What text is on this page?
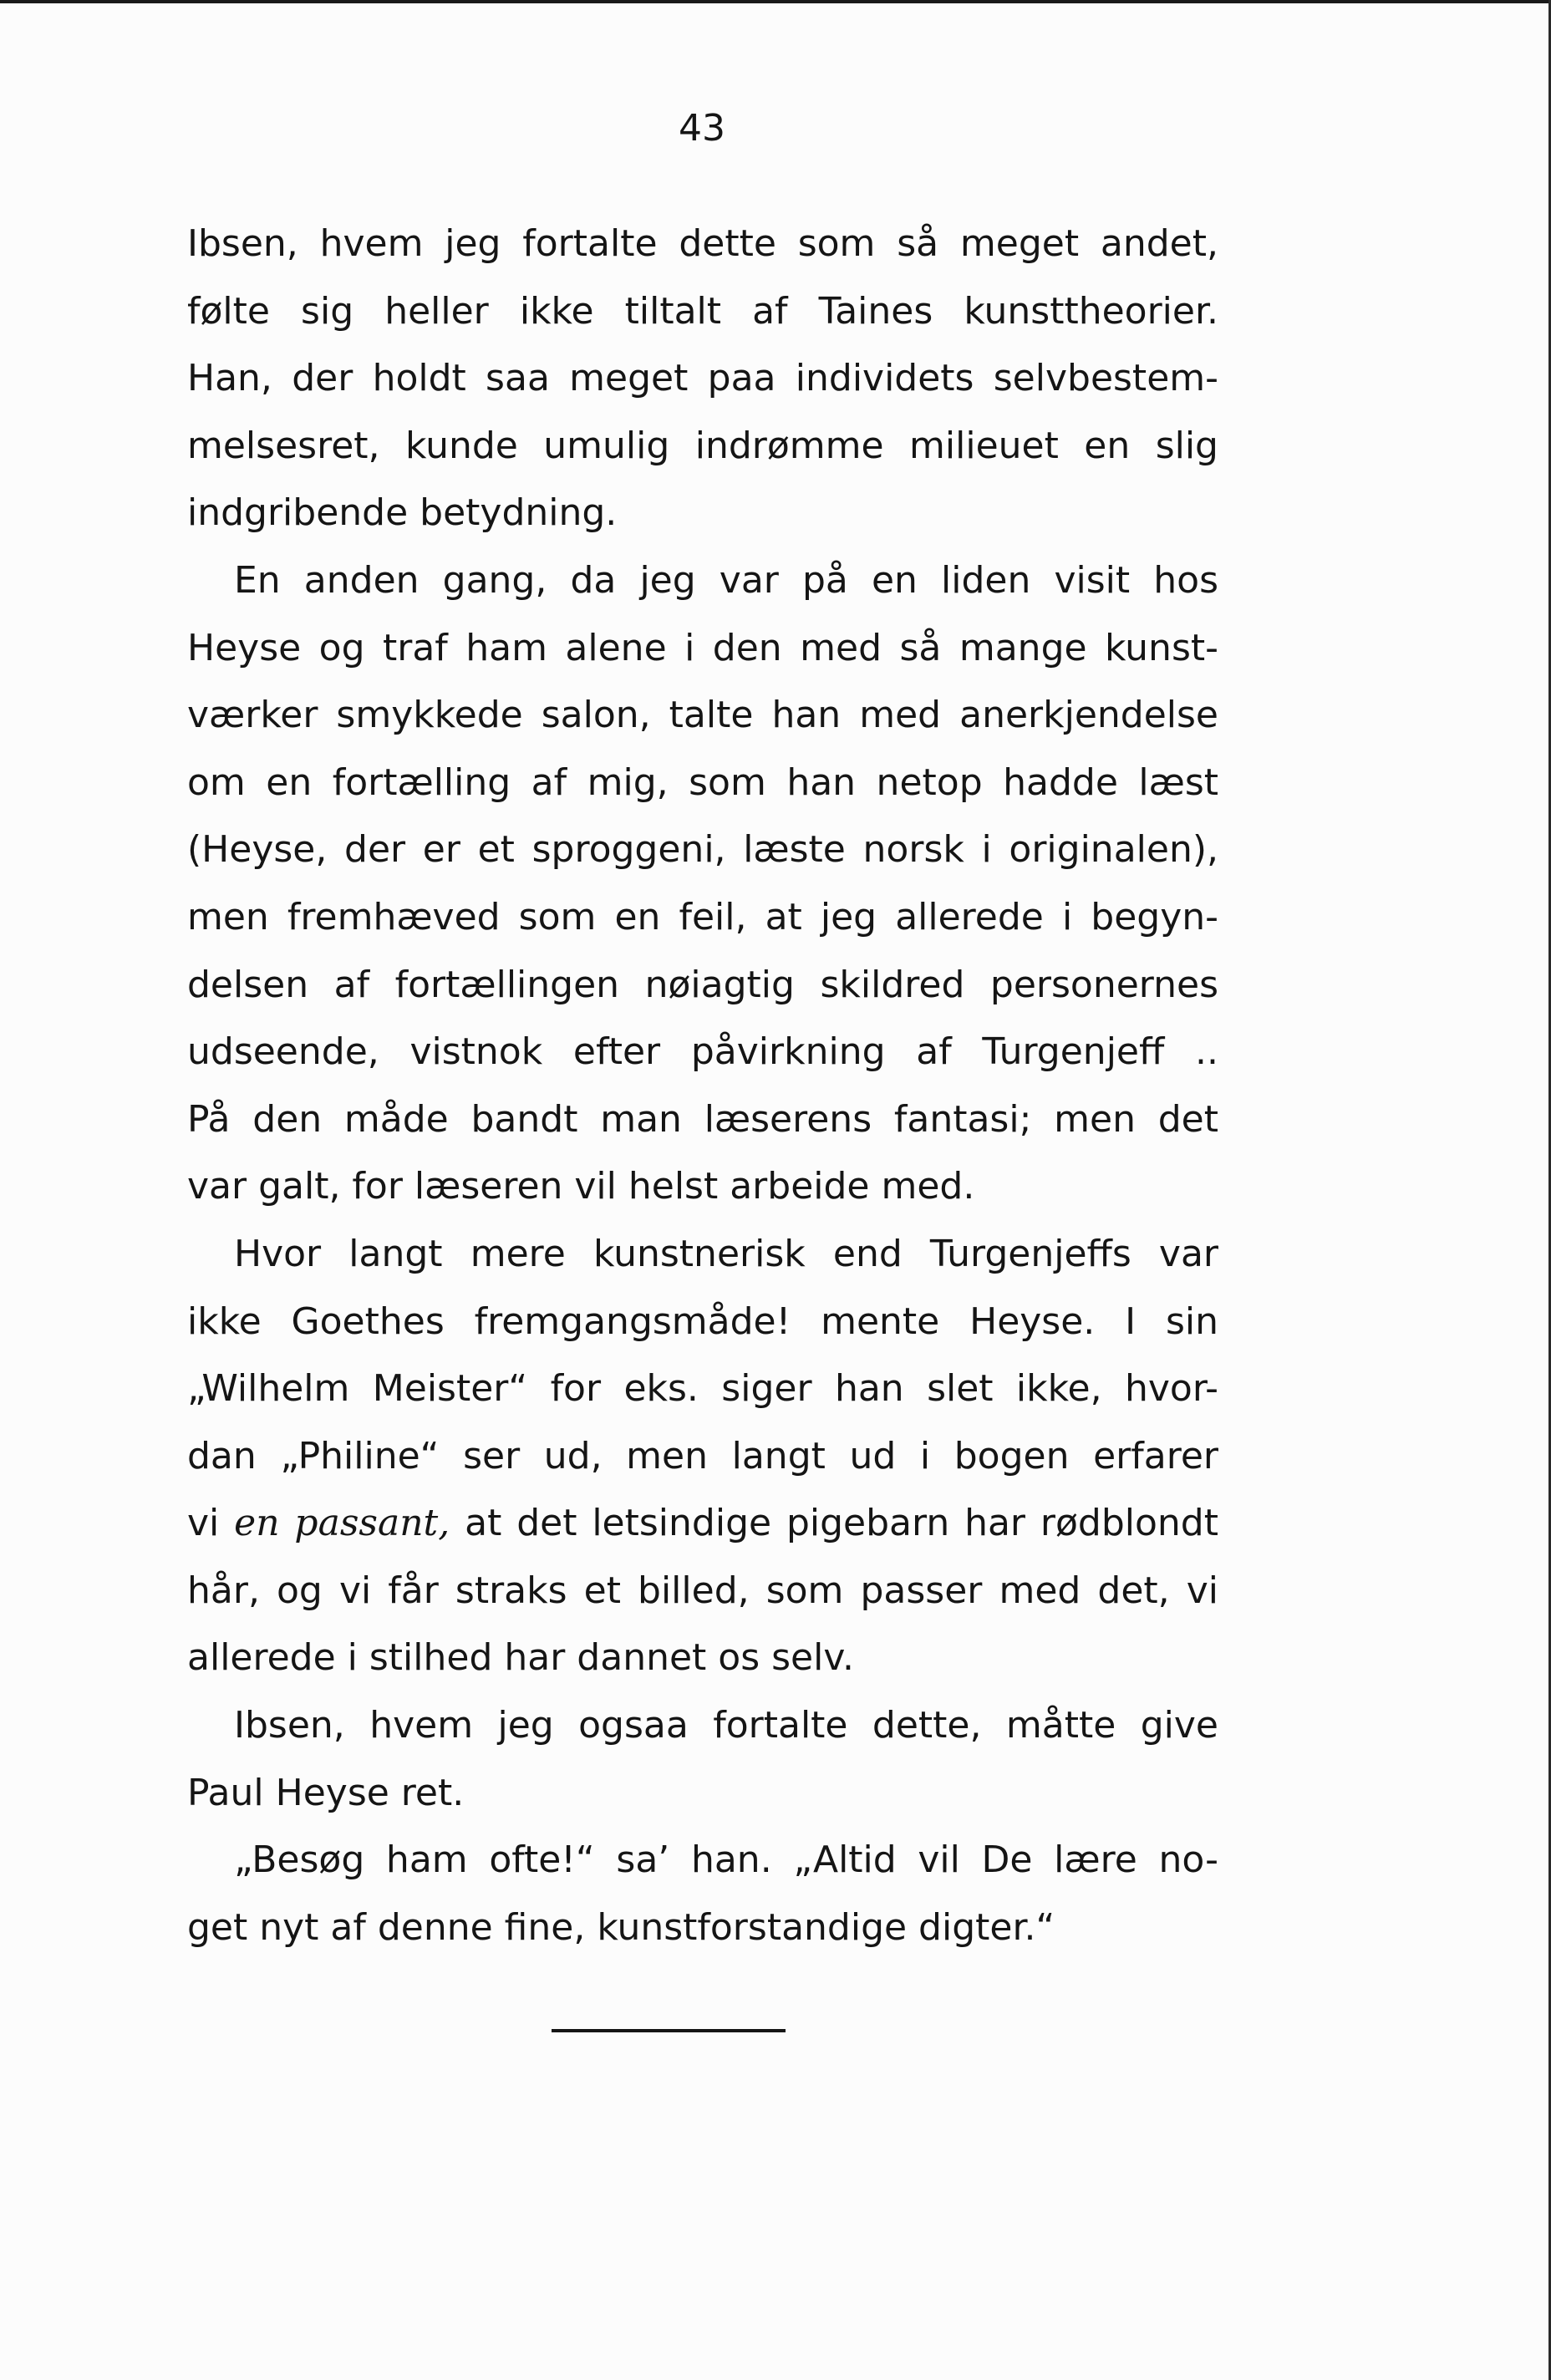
43
Ibsen, hvem jeg fortalte dette som så meget andet,
følte sig heller ikke tiltalt af Taines kunsttheorier.
Han, der holdt saa meget paa individets selvbestem-
melsesret, kunde umulig indrømme milieuet en slig
indgribende betydning.
En anden gang, da jeg var på en liden visit hos
Heyse og traf ham alene i den med så mange kunst-
værker smykkede salon, talte han med anerkjendelse
om en fortælling af mig, som han netop hadde læst
(Heyse, der er et sproggeni, læste norsk i originalen),
men fremhæved som en feil, at jeg allerede i begyn-
delsen af fortællingen nøiagtig skildred personernes
udseende, vistnok efter påvirkning af Turgenjeff ..
På den måde bandt man læserens fantasi; men det
var galt, for læseren vil helst arbeide med.
Hvor langt mere kunstnerisk end Turgenjeffs var
ikke Goethes fremgangsmåde! mente Heyse. I sin
„Wilhelm Meister“ for eks. siger han slet ikke, hvor-
dan „Philine“ ser ud, men langt ud i bogen erfarer
vi en passant, at det letsindige pigebarn har rødblondt
hår, og vi får straks et billed, som passer med det, vi
allerede i stilhed har dannet os selv.
Ibsen, hvem jeg ogsaa fortalte dette, måtte give
Paul Heyse ret.
„Besøg ham ofte!“ sa’ han. „Altid vil De lære no-
get nyt af denne fine, kunstforstandige digter.“
